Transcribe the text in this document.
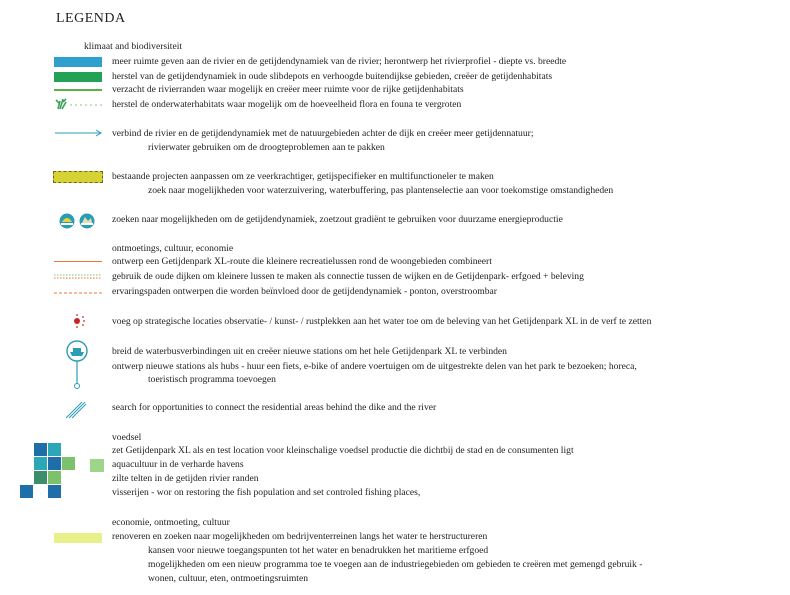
LEGENDA
klimaat and biodiversiteit
meer ruimte geven aan de rivier en de getijdendynamiek van de rivier; herontwerp het rivierprofiel - diepte vs. breedte
herstel van de getijdendynamiek in oude slibdepots en verhoogde buitendijkse gebieden, creëer de getijdenhabitats
verzacht de rivierranden waar mogelijk en creëer meer ruimte voor de rijke getijdenhabitats
herstel de onderwaterhabitats waar mogelijk om de hoeveelheid flora en founa te vergroten
verbind de rivier en de getijdendynamiek met de natuurgebieden achter de dijk en creëer meer getijdennatuur;
rivierwater gebruiken om de droogteproblemen aan te pakken
bestaande projecten aanpassen om ze veerkrachtiger, getijspecifieker en multifunctioneler te maken
zoek naar mogelijkheden voor waterzuivering, waterbuffering, pas plantenselectie aan voor toekomstige omstandigheden
zoeken naar mogelijkheden om de getijdendynamiek, zoetzout gradiënt te gebruiken voor duurzame energieproductie
ontmoetings, cultuur, economie
ontwerp een Getijdenpark XL-route die kleinere recreatielussen rond de woongebieden combineert
gebruik de oude dijken om kleinere lussen te maken als connectie tussen de wijken en de Getijdenpark- erfgoed + beleving
ervaringspaden ontwerpen die worden beïnvloed door de getijdendynamiek - ponton, overstroombar
voeg op strategische locaties observatie- / kunst- / rustplekken aan het water toe om de beleving van het Getijdenpark XL in de verf te zetten
breid de waterbusverbindingen uit en creëer nieuwe stations om het hele Getijdenpark XL te verbinden
ontwerp nieuwe stations als hubs - huur een fiets, e-bike of andere voertuigen om de uitgestrekte delen van het park te bezoeken; horeca,
toeristisch programma toevoegen
search for opportunities to connect the residential areas behind the dike and the river
voedsel
zet Getijdenpark XL als en test location voor kleinschalige voedsel productie die dichtbij de stad en de consumenten ligt
aquacultuur in de verharde havens
zilte telten in de getijden rivier randen
visserijen - wor on restoring the fish population and set controled fishing places,
economie, ontmoeting, cultuur
renoveren en zoeken naar mogelijkheden om bedrijventerreinen langs het water te herstructureren
kansen voor nieuwe toegangspunten tot het water en benadrukken het maritieme erfgoed
mogelijkheden om een nieuw programma toe te voegen aan de industriegebieden om gebieden te creëren met gemengd gebruik -
wonen, cultuur, eten, ontmoetingsruimten
